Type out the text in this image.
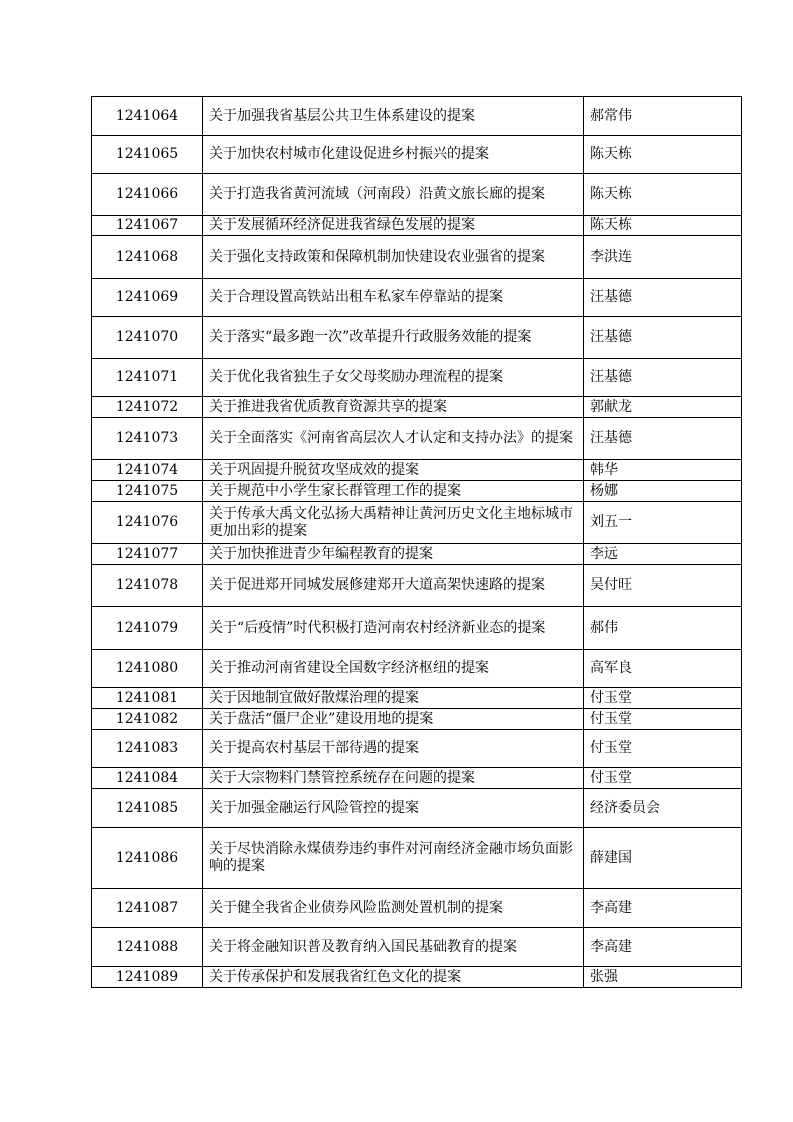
1241064	关于加强我省基层公共卫生体系建设的提案	郝常伟
1241065	关于加快农村城市化建设促进乡村振兴的提案	陈天栋
1241066	关于打造我省黄河流域（河南段）沿黄文旅长廊的提案	陈天栋
1241067	关于发展循环经济促进我省绿色发展的提案	陈天栋
1241068	关于强化支持政策和保障机制加快建设农业强省的提案	李洪连
1241069	关于合理设置高铁站出租车私家车停靠站的提案	汪基德
1241070	关于落实“最多跑一次”改革提升行政服务效能的提案	汪基德
1241071	关于优化我省独生子女父母奖励办理流程的提案	汪基德
1241072	关于推进我省优质教育资源共享的提案	郭献龙
1241073	关于全面落实《河南省高层次人才认定和支持办法》的提案	汪基德
1241074	关于巩固提升脱贫攻坚成效的提案	韩华
1241075	关于规范中小学生家长群管理工作的提案	杨娜
1241076	关于传承大禹文化弘扬大禹精神让黄河历史文化主地标城市更加出彩的提案	刘五一
1241077	关于加快推进青少年编程教育的提案	李远
1241078	关于促进郑开同城发展修建郑开大道高架快速路的提案	吴付旺
1241079	关于“后疫情”时代积极打造河南农村经济新业态的提案	郝伟
1241080	关于推动河南省建设全国数字经济枢纽的提案	高军良
1241081	关于因地制宜做好散煤治理的提案	付玉堂
1241082	关于盘活“僵尸企业”建设用地的提案	付玉堂
1241083	关于提高农村基层干部待遇的提案	付玉堂
1241084	关于大宗物料门禁管控系统存在问题的提案	付玉堂
1241085	关于加强金融运行风险管控的提案	经济委员会
1241086	关于尽快消除永煤债券违约事件对河南经济金融市场负面影响的提案	薛建国
1241087	关于健全我省企业债券风险监测处置机制的提案	李高建
1241088	关于将金融知识普及教育纳入国民基础教育的提案	李高建
1241089	关于传承保护和发展我省红色文化的提案	张强
